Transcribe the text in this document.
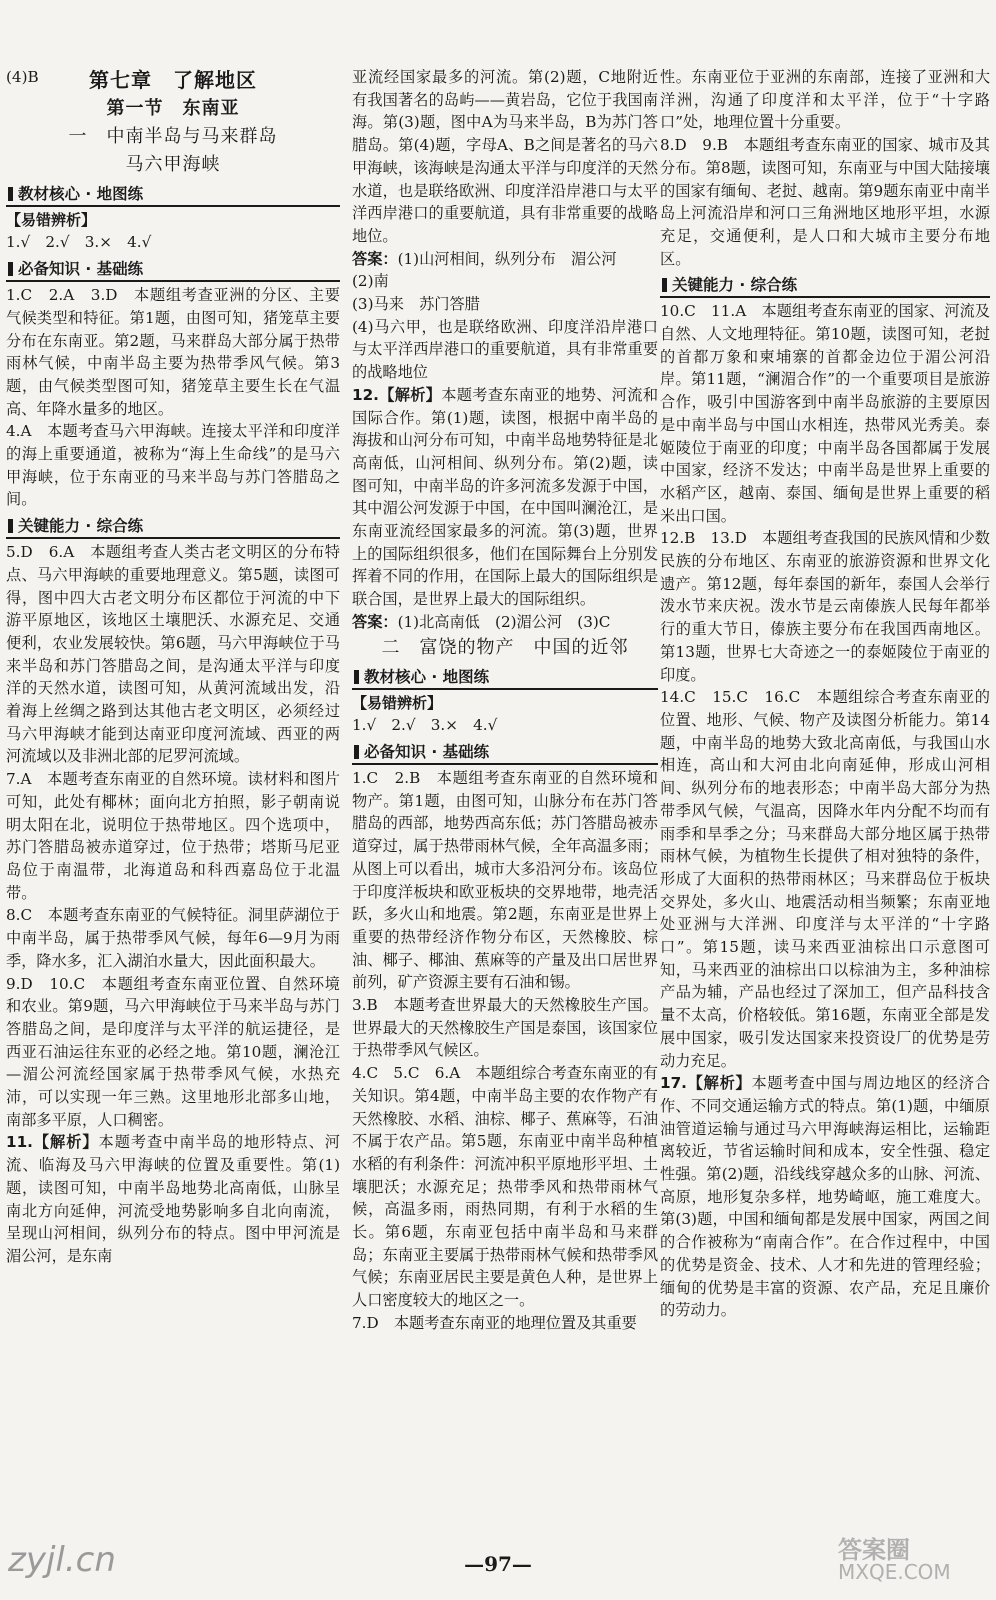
(4)B	第七章　了解地区
第一节　东南亚
一　中南半岛与马来群岛
马六甲海峡
教材核心 · 地图练

【易错辨析】

1.√　2.√　3.×　4.√

必备知识 · 基础练

1.C　2.A　3.D　本题组考查亚洲的分区、主要气候类型和特征。第1题，由图可知，猪笼草主要分布在东南亚。第2题，马来群岛大部分属于热带雨林气候，中南半岛主要为热带季风气候。第3题，由气候类型图可知，猪笼草主要生长在气温高、年降水量多的地区。

4.A　本题考查马六甲海峡。连接太平洋和印度洋的海上重要通道，被称为“海上生命线”的是马六甲海峡，位于东南亚的马来半岛与苏门答腊岛之间。

关键能力 · 综合练

5.D　6.A　本题组考查人类古老文明区的分布特点、马六甲海峡的重要地理意义。第5题，读图可得，图中四大古老文明分布区都位于河流的中下游平原地区，该地区土壤肥沃、水源充足、交通便利，农业发展较快。第6题，马六甲海峡位于马来半岛和苏门答腊岛之间，是沟通太平洋与印度洋的天然水道，读图可知，从黄河流域出发，沿着海上丝绸之路到达其他古老文明区，必须经过马六甲海峡才能到达南亚印度河流域、西亚的两河流域以及非洲北部的尼罗河流域。

7.A　本题考查东南亚的自然环境。读材料和图片可知，此处有椰林；面向北方拍照，影子朝南说明太阳在北，说明位于热带地区。四个选项中，苏门答腊岛被赤道穿过，位于热带；塔斯马尼亚岛位于南温带，北海道岛和科西嘉岛位于北温带。

8.C　本题考查东南亚的气候特征。洞里萨湖位于中南半岛，属于热带季风气候，每年6—9月为雨季，降水多，汇入湖泊水量大，因此面积最大。

9.D　10.C　本题组考查东南亚位置、自然环境和农业。第9题，马六甲海峡位于马来半岛与苏门答腊岛之间，是印度洋与太平洋的航运捷径，是西亚石油运往东亚的必经之地。第10题，澜沧江—湄公河流经国家属于热带季风气候，水热充沛，可以实现一年三熟。这里地形北部多山地，南部多平原，人口稠密。

11.【解析】本题考查中南半岛的地形特点、河流、临海及马六甲海峡的位置及重要性。第(1)题，读图可知，中南半岛地势北高南低，山脉呈南北方向延伸，河流受地势影响多自北向南流，呈现山河相间，纵列分布的特点。图中甲河流是湄公河，是东南

亚流经国家最多的河流。第(2)题，C地附近有我国著名的岛屿——黄岩岛，它位于我国南海。第(3)题，图中A为马来半岛，B为苏门答腊岛。第(4)题，字母A、B之间是著名的马六甲海峡，该海峡是沟通太平洋与印度洋的天然水道，也是联络欧洲、印度洋沿岸港口与太平洋西岸港口的重要航道，具有非常重要的战略地位。

答案：(1)山河相间，纵列分布　湄公河

(2)南

(3)马来　苏门答腊

(4)马六甲，也是联络欧洲、印度洋沿岸港口与太平洋西岸港口的重要航道，具有非常重要的战略地位

12.【解析】本题考查东南亚的地势、河流和国际合作。第(1)题，读图，根据中南半岛的海拔和山河分布可知，中南半岛地势特征是北高南低，山河相间、纵列分布。第(2)题，读图可知，中南半岛的许多河流多发源于中国，其中湄公河发源于中国，在中国叫澜沧江，是东南亚流经国家最多的河流。第(3)题，世界上的国际组织很多，他们在国际舞台上分别发挥着不同的作用，在国际上最大的国际组织是联合国，是世界上最大的国际组织。

答案：(1)北高南低　(2)湄公河　(3)C

二　富饶的物产　中国的近邻
教材核心 · 地图练

【易错辨析】

1.√　2.√　3.×　4.√

必备知识 · 基础练

1.C　2.B　本题组考查东南亚的自然环境和物产。第1题，由图可知，山脉分布在苏门答腊岛的西部，地势西高东低；苏门答腊岛被赤道穿过，属于热带雨林气候，全年高温多雨；从图上可以看出，城市大多沿河分布。该岛位于印度洋板块和欧亚板块的交界地带，地壳活跃，多火山和地震。第2题，东南亚是世界上重要的热带经济作物分布区，天然橡胶、棕油、椰子、椰油、蕉麻等的产量及出口居世界前列，矿产资源主要有石油和锡。

3.B　本题考查世界最大的天然橡胶生产国。世界最大的天然橡胶生产国是泰国，该国家位于热带季风气候区。

4.C　5.C　6.A　本题组综合考查东南亚的有关知识。第4题，中南半岛主要的农作物产有天然橡胶、水稻、油棕、椰子、蕉麻等，石油不属于农产品。第5题，东南亚中南半岛种植水稻的有利条件：河流冲积平原地形平坦、土壤肥沃；水源充足；热带季风和热带雨林气候，高温多雨，雨热同期，有利于水稻的生长。第6题，东南亚包括中南半岛和马来群岛；东南亚主要属于热带雨林气候和热带季风气候；东南亚居民主要是黄色人种，是世界上人口密度较大的地区之一。

7.D　本题考查东南亚的地理位置及其重要

性。东南亚位于亚洲的东南部，连接了亚洲和大洋洲，沟通了印度洋和太平洋，位于“十字路口”处，地理位置十分重要。

8.D　9.B　本题组考查东南亚的国家、城市及其分布。第8题，读图可知，东南亚与中国大陆接壤的国家有缅甸、老挝、越南。第9题东南亚中南半岛上河流沿岸和河口三角洲地区地形平坦，水源充足，交通便利，是人口和大城市主要分布地区。

关键能力 · 综合练

10.C　11.A　本题组考查东南亚的国家、河流及自然、人文地理特征。第10题，读图可知，老挝的首都万象和柬埔寨的首都金边位于湄公河沿岸。第11题，“澜湄合作”的一个重要项目是旅游合作，吸引中国游客到中南半岛旅游的主要原因是中南半岛与中国山水相连，热带风光秀美。泰姬陵位于南亚的印度；中南半岛各国都属于发展中国家，经济不发达；中南半岛是世界上重要的水稻产区，越南、泰国、缅甸是世界上重要的稻米出口国。

12.B　13.D　本题组考查我国的民族风情和少数民族的分布地区、东南亚的旅游资源和世界文化遗产。第12题，每年泰国的新年，泰国人会举行泼水节来庆祝。泼水节是云南傣族人民每年都举行的重大节日，傣族主要分布在我国西南地区。第13题，世界七大奇迹之一的泰姬陵位于南亚的印度。

14.C　15.C　16.C　本题组综合考查东南亚的位置、地形、气候、物产及读图分析能力。第14题，中南半岛的地势大致北高南低，与我国山水相连，高山和大河由北向南延伸，形成山河相间、纵列分布的地表形态；中南半岛大部分为热带季风气候，气温高，因降水年内分配不均而有雨季和旱季之分；马来群岛大部分地区属于热带雨林气候，为植物生长提供了相对独特的条件，形成了大面积的热带雨林区；马来群岛位于板块交界处，多火山、地震活动相当频繁；东南亚地处亚洲与大洋洲、印度洋与太平洋的“十字路口”。第15题，读马来西亚油棕出口示意图可知，马来西亚的油棕出口以棕油为主，多种油棕产品为辅，产品也经过了深加工，但产品科技含量不太高，价格较低。第16题，东南亚全部是发展中国家，吸引发达国家来投资设厂的优势是劳动力充足。

17.【解析】本题考查中国与周边地区的经济合作、不同交通运输方式的特点。第(1)题，中缅原油管道运输与通过马六甲海峡海运相比，运输距离较近，节省运输时间和成本，安全性强、稳定性强。第(2)题，沿线线穿越众多的山脉、河流、高原，地形复杂多样，地势崎岖，施工难度大。第(3)题，中国和缅甸都是发展中国家，两国之间的合作被称为“南南合作”。在合作过程中，中国的优势是资金、技术、人才和先进的管理经验；缅甸的优势是丰富的资源、农产品，充足且廉价的劳动力。

—97—
zyjl.cn	答案圈
MXQE.COM
